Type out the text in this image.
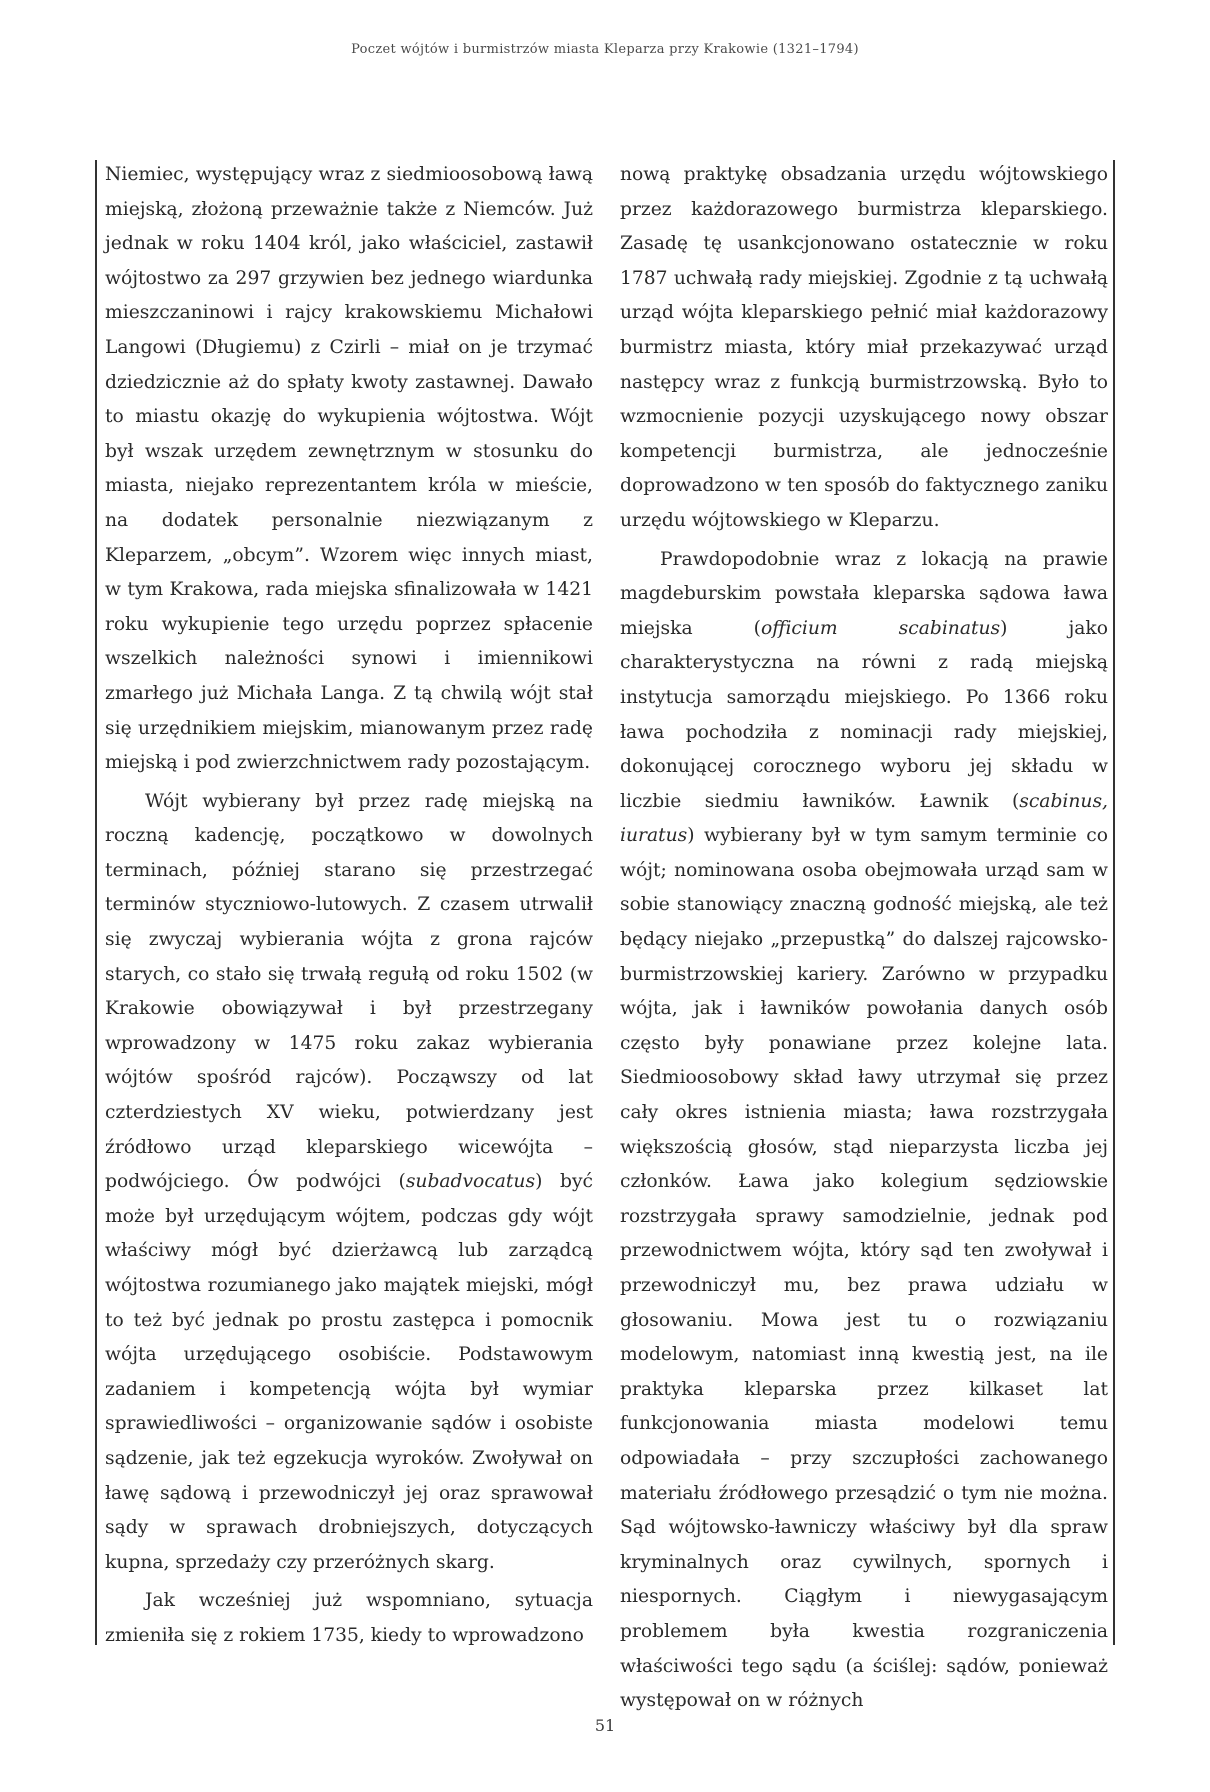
Poczet wójtów i burmistrzów miasta Kleparza przy Krakowie (1321–1794)

Niemiec, występujący wraz z siedmioosobową ławą miejską, złożoną przeważnie także z Niemców. Już jednak w roku 1404 król, jako właściciel, zastawił wójtostwo za 297 grzywien bez jednego wiardunka mieszczaninowi i rajcy krakowskiemu Michałowi Langowi (Długiemu) z Czirli – miał on je trzymać dziedzicznie aż do spłaty kwoty zastawnej. Dawało to miastu okazję do wykupienia wójtostwa. Wójt był wszak urzędem zewnętrznym w stosunku do miasta, niejako reprezentantem króla w mieście, na dodatek personalnie niezwiązanym z Kleparzem, „obcym”. Wzorem więc innych miast, w tym Krakowa, rada miejska sfinalizowała w 1421 roku wykupienie tego urzędu poprzez spłacenie wszelkich należności synowi i imiennikowi zmarłego już Michała Langa. Z tą chwilą wójt stał się urzędnikiem miejskim, mianowanym przez radę miejską i pod zwierzchnictwem rady pozostającym.

Wójt wybierany był przez radę miejską na roczną kadencję, początkowo w dowolnych terminach, później starano się przestrzegać terminów styczniowo-lutowych. Z czasem utrwalił się zwyczaj wybierania wójta z grona rajców starych, co stało się trwałą regułą od roku 1502 (w Krakowie obowiązywał i był przestrzegany wprowadzony w 1475 roku zakaz wybierania wójtów spośród rajców). Począwszy od lat czterdziestych XV wieku, potwierdzany jest źródłowo urząd kleparskiego wicewójta – podwójciego. Ów podwójci (subadvocatus) być może był urzędującym wójtem, podczas gdy wójt właściwy mógł być dzierżawcą lub zarządcą wójtostwa rozumianego jako majątek miejski, mógł to też być jednak po prostu zastępca i pomocnik wójta urzędującego osobiście. Podstawowym zadaniem i kompetencją wójta był wymiar sprawiedliwości – organizowanie sądów i osobiste sądzenie, jak też egzekucja wyroków. Zwoływał on ławę sądową i przewodniczył jej oraz sprawował sądy w sprawach drobniejszych, dotyczących kupna, sprzedaży czy przeróżnych skarg.

Jak wcześniej już wspomniano, sytuacja zmieniła się z rokiem 1735, kiedy to wprowadzono

nową praktykę obsadzania urzędu wójtowskiego przez każdorazowego burmistrza kleparskiego. Zasadę tę usankcjonowano ostatecznie w roku 1787 uchwałą rady miejskiej. Zgodnie z tą uchwałą urząd wójta kleparskiego pełnić miał każdorazowy burmistrz miasta, który miał przekazywać urząd następcy wraz z funkcją burmistrzowską. Było to wzmocnienie pozycji uzyskującego nowy obszar kompetencji burmistrza, ale jednocześnie doprowadzono w ten sposób do faktycznego zaniku urzędu wójtowskiego w Kleparzu.

Prawdopodobnie wraz z lokacją na prawie magdeburskim powstała kleparska sądowa ława miejska (officium scabinatus) jako charakterystyczna na równi z radą miejską instytucja samorządu miejskiego. Po 1366 roku ława pochodziła z nominacji rady miejskiej, dokonującej corocznego wyboru jej składu w liczbie siedmiu ławników. Ławnik (scabinus, iuratus) wybierany był w tym samym terminie co wójt; nominowana osoba obejmowała urząd sam w sobie stanowiący znaczną godność miejską, ale też będący niejako „przepustką” do dalszej rajcowsko-burmistrzowskiej kariery. Zarówno w przypadku wójta, jak i ławników powołania danych osób często były ponawiane przez kolejne lata. Siedmioosobowy skład ławy utrzymał się przez cały okres istnienia miasta; ława rozstrzygała większością głosów, stąd nieparzysta liczba jej członków. Ława jako kolegium sędziowskie rozstrzygała sprawy samodzielnie, jednak pod przewodnictwem wójta, który sąd ten zwoływał i przewodniczył mu, bez prawa udziału w głosowaniu. Mowa jest tu o rozwiązaniu modelowym, natomiast inną kwestią jest, na ile praktyka kleparska przez kilkaset lat funkcjonowania miasta modelowi temu odpowiadała – przy szczupłości zachowanego materiału źródłowego przesądzić o tym nie można. Sąd wójtowsko-ławniczy właściwy był dla spraw kryminalnych oraz cywilnych, spornych i niespornych. Ciągłym i niewygasającym problemem była kwestia rozgraniczenia właściwości tego sądu (a ściślej: sądów, ponieważ występował on w różnych

51
